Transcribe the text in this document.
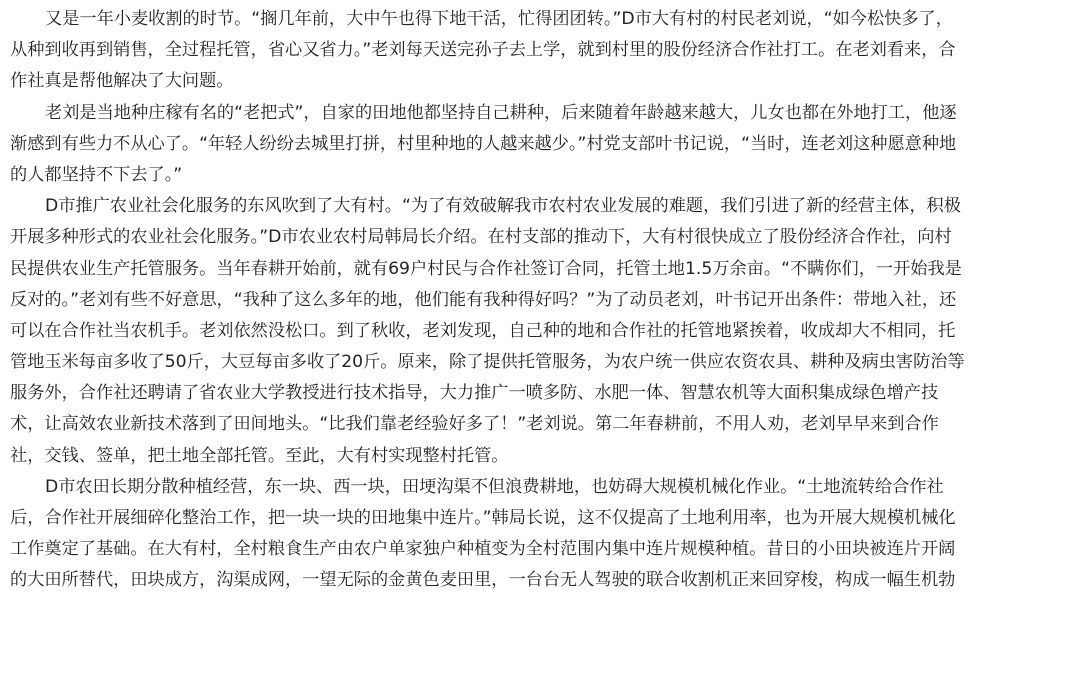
又是一年小麦收割的时节。“搁几年前，大中午也得下地干活，忙得团团转。”D市大有村的村民老刘说，“如今松快多了，
从种到收再到销售，全过程托管，省心又省力。”老刘每天送完孙子去上学，就到村里的股份经济合作社打工。在老刘看来，合
作社真是帮他解决了大问题。
老刘是当地种庄稼有名的“老把式”，自家的田地他都坚持自己耕种，后来随着年龄越来越大，儿女也都在外地打工，他逐
渐感到有些力不从心了。“年轻人纷纷去城里打拼，村里种地的人越来越少。”村党支部叶书记说，“当时，连老刘这种愿意种地
的人都坚持不下去了。”
D市推广农业社会化服务的东风吹到了大有村。“为了有效破解我市农村农业发展的难题，我们引进了新的经营主体，积极
开展多种形式的农业社会化服务。”D市农业农村局韩局长介绍。在村支部的推动下，大有村很快成立了股份经济合作社，向村
民提供农业生产托管服务。当年春耕开始前，就有69户村民与合作社签订合同，托管土地1.5万余亩。“不瞒你们，一开始我是
反对的。”老刘有些不好意思，“我种了这么多年的地，他们能有我种得好吗？”为了动员老刘，叶书记开出条件：带地入社，还
可以在合作社当农机手。老刘依然没松口。到了秋收，老刘发现，自己种的地和合作社的托管地紧挨着，收成却大不相同，托
管地玉米每亩多收了50斤，大豆每亩多收了20斤。原来，除了提供托管服务，为农户统一供应农资农具、耕种及病虫害防治等
服务外，合作社还聘请了省农业大学教授进行技术指导，大力推广一喷多防、水肥一体、智慧农机等大面积集成绿色增产技
术，让高效农业新技术落到了田间地头。“比我们靠老经验好多了！”老刘说。第二年春耕前，不用人劝，老刘早早来到合作
社，交钱、签单，把土地全部托管。至此，大有村实现整村托管。
D市农田长期分散种植经营，东一块、西一块，田埂沟渠不但浪费耕地，也妨碍大规模机械化作业。“土地流转给合作社
后，合作社开展细碎化整治工作，把一块一块的田地集中连片。”韩局长说，这不仅提高了土地利用率，也为开展大规模机械化
工作奠定了基础。在大有村，全村粮食生产由农户单家独户种植变为全村范围内集中连片规模种植。昔日的小田块被连片开阔
的大田所替代，田块成方，沟渠成网，一望无际的金黄色麦田里，一台台无人驾驶的联合收割机正来回穿梭，构成一幅生机勃
